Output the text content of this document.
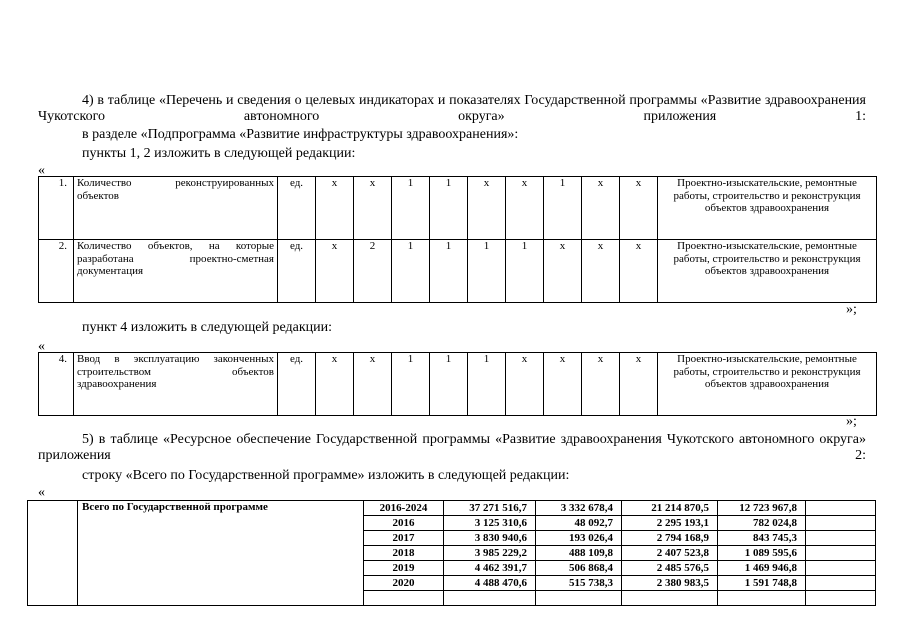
4) в таблице «Перечень и сведения о целевых индикаторах и показателях Государственной программы «Развитие здравоохранения Чукотского автономного округа» приложения 1:
в разделе «Подпрограмма «Развитие инфраструктуры здравоохранения»:
пункты 1, 2 изложить в следующей редакции:
«
1.	Количество реконструированных объектов	ед.	х	х	1	1	х	х	1	х	х	Проектно-изыскательские, ремонтные работы, строительство и реконструкция объектов здравоохранения
2.	Количество объектов, на которые разработана проектно-сметная документация	ед.	х	2	1	1	1	1	х	х	х	Проектно-изыскательские, ремонтные работы, строительство и реконструкция объектов здравоохранения
»;
пункт 4 изложить в следующей редакции:
«
4.	Ввод в эксплуатацию законченных строительством объектов здравоохранения	ед.	х	х	1	1	1	х	х	х	х	Проектно-изыскательские, ремонтные работы, строительство и реконструкция объектов здравоохранения
»;
5) в таблице «Ресурсное обеспечение Государственной программы «Развитие здравоохранения Чукотского автономного округа» приложения 2:
строку «Всего по Государственной программе» изложить в следующей редакции:
«
	Всего по Государственной программе	2016-2024	37 271 516,7	3 332 678,4	21 214 870,5	12 723 967,8	
		2016	3 125 310,6	48 092,7	2 295 193,1	782 024,8	
		2017	3 830 940,6	193 026,4	2 794 168,9	843 745,3	
		2018	3 985 229,2	488 109,8	2 407 523,8	1 089 595,6	
		2019	4 462 391,7	506 868,4	2 485 576,5	1 469 946,8	
		2020	4 488 470,6	515 738,3	2 380 983,5	1 591 748,8	
